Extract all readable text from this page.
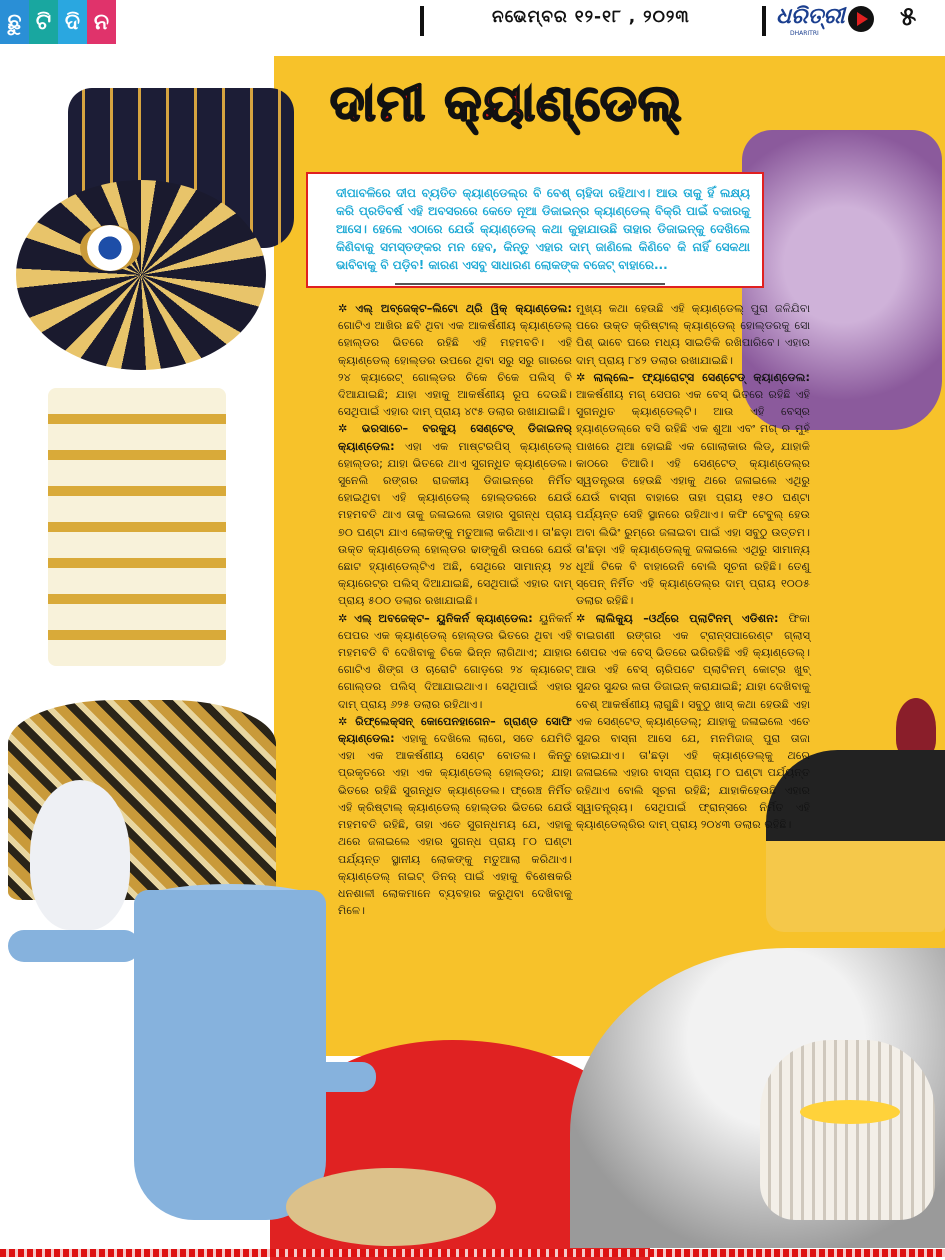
ଛୁ ଟି ଦି ନ	ନଭେମ୍ବର ୧୨-୧୮ , ୨୦୨୩	ଧରିତ୍ରୀ
DHARITRI
୫
ଦାମୀ କ୍ୟାଣ୍ଡେଲ୍

ଦୀପାବଳିରେ ଦୀପ ବ୍ୟତିତ କ୍ୟାଣ୍ଡେଲ୍‌ର ବି ବେଶ୍ ଚାହିଦା ରହିଥାଏ। ଆଉ ତାକୁ ହିଁ ଲକ୍ଷ୍ୟ କରି ପ୍ରତିବର୍ଷ ଏହି ଅବସରରେ କେତେ ନୂଆ ଡିଜାଇନ୍‌ର କ୍ୟାଣ୍ଡେଲ୍ ବିକ୍ରି ପାଇଁ ବଜାରକୁ ଆସେ। ହେଲେ ଏଠାରେ ଯେଉଁ କ୍ୟାଣ୍ଡେଲ୍ କଥା କୁହାଯାଉଛି ତାହାର ଡିଜାଇନ୍‌କୁ ଦେଖିଲେ କିଣିବାକୁ ସମସ୍ତଙ୍କର ମନ ହେବ, କିନ୍ତୁ ଏହାର ଦାମ୍ ଜାଣିଲେ କିଣିବେ କି ନାହିଁ ସେକଥା ଭାବିବାକୁ ବି ପଡ଼ିବ! କାରଣ ଏସବୁ ସାଧାରଣ ଲୋକଙ୍କ ବଜେଟ୍ ବାହାରେ...

✲ ଏଲ୍ ଅବ୍‌ଜେକ୍ଟ–ଲିଟୋ ଥ୍ରି ୱିକ୍ କ୍ୟାଣ୍ଡେଲ: ଗୋଟିଏ ଆଖିର ଛବି ଥିବା ଏକ ଆକର୍ଷଣୀୟ କ୍ୟାଣ୍ଡେଲ୍ ହୋଲ୍ଡର ଭିତରେ ରହିଛି ଏହି ମହମବତି। ଏହି କ୍ୟାଣ୍ଡେଲ୍ ହୋଲ୍ଡର ଉପରେ ଥିବା ସରୁ ସରୁ ଗାରରେ ୨୪ କ୍ୟାରେଟ୍ ଗୋଲ୍ଡର ଚିକେ ଚିକେ ପଲିସ୍ ବି ଦିଆଯାଇଛି; ଯାହା ଏହାକୁ ଆକର୍ଷଣୀୟ ରୂପ ଦେଉଛି। ସେଥିପାଇଁ ଏହାର ଦାମ୍ ପ୍ରାୟ ୪୯୫ ଡଲାର ରଖାଯାଇଛି।

✲ ଭରସାଚେ– ବରକ୍ୟୁ ସେଣ୍ଟେଡ୍ ଡିଜାଇନର୍ କ୍ୟାଣ୍ଡେଲ: ଏହା ଏକ ମାଷ୍ଟରପିସ୍ କ୍ୟାଣ୍ଡେଲ୍ ହୋଲ୍ଡର; ଯାହା ଭିତରେ ଥାଏ ସୁଗନ୍ଧିତ କ୍ୟାଣ୍ଡେଲ। ସୁନେଲି ରଙ୍ଗର ରାଜକୀୟ ଡିଜାଇନ୍‌ରେ ନିର୍ମିତ ହୋଇଥିବା ଏହି କ୍ୟାଣ୍ଡେଲ୍ ହୋଲ୍ଡରରେ ଯେଉଁ ମହମବତି ଥାଏ ତାକୁ ଜଳାଇଲେ ତାହାର ସୁଗନ୍ଧ ପ୍ରାୟ ୭୦ ଘଣ୍ଟା ଯାଏ ଲୋକଙ୍କୁ ମତୁଆଲା କରିଥାଏ। ତା'ଛଡ଼ା ଉକ୍ତ କ୍ୟାଣ୍ଡେଲ୍ ହୋଲ୍ଡର ଢାଙ୍କୁଣି ଉପରେ ଯେଉଁ ଛୋଟ ହ୍ୟାଣ୍ଡେଲ୍‌ଟିଏ ଅଛି, ସେଥିରେ ସାମାନ୍ୟ ୨୪ କ୍ୟାରେଟ୍‌ର ପଲିସ୍ ଦିଆଯାଇଛି, ସେଥିପାଇଁ ଏହାର ଦାମ୍ ପ୍ରାୟ ୫୦୦ ଡଲାର ରଖାଯାଇଛି।

✲ ଏଲ୍ ଅବଜେକ୍ଟ– ୟୁନିକର୍ନ କ୍ୟାଣ୍ଡେଲ: ୟୁନିକର୍ନ ପେପର ଏକ କ୍ୟାଣ୍ଡେଲ୍ ହୋଲ୍ଡର ଭିତରେ ଥିବା ଏହି ମହମବତି ବି ଦେଖିବାକୁ ଚିକେ ଭିନ୍ନ ଲାଗିଥାଏ; ଯାହାର ଗୋଟିଏ ଶିଙ୍ଗ ଓ ଚାରୋଟି ଗୋଡ଼ରେ ୨୪ କ୍ୟାରେଟ୍ ଗୋଲ୍ଡର ପଲିସ୍ ଦିଆଯାଇଥାଏ। ସେଥିପାଇଁ ଏହାର ଦାମ୍ ପ୍ରାୟ ୬୨୫ ଡଲାର ରହିଥାଏ।

✲ ରିଫ୍ଲେକ୍ସନ୍ କୋପେନହାଗେନ– ଗ୍ରାଣ୍ଡ ସୋଫି କ୍ୟାଣ୍ଡେଲ: ଏହାକୁ ଦେଖିଲେ ଲାଗେ, ସତେ ଯେମିତି ଏହା ଏକ ଆକର୍ଷଣୀୟ ସେଣ୍ଟ ବୋତଲ। କିନ୍ତୁ ପ୍ରକୃତରେ ଏହା ଏକ କ୍ୟାଣ୍ଡେଲ୍ ହୋଲ୍ଡର; ଯାହା ଭିତରେ ରହିଛି ସୁଗନ୍ଧିତ କ୍ୟାଣ୍ଡେଲ। ଫ୍ରେଞ୍ଚ ନିର୍ମିତ ଏହି କ୍ରିଷ୍ଟାଲ୍ କ୍ୟାଣ୍ଡେଲ୍ ହୋଲ୍ଡର ଭିତରେ ଯେଉଁ ମହମବତି ରହିଛି, ତାହା ଏତେ ସୁଗନ୍ଧମୟ ଯେ, ଏହାକୁ ଥରେ ଜଳାଇଲେ ଏହାର ସୁଗନ୍ଧ ପ୍ରାୟ ୮୦ ଘଣ୍ଟା ପର୍ଯ୍ୟନ୍ତ ସ୍ଥାନୀୟ ଲୋକଙ୍କୁ ମତୁଆଲା କରିଥାଏ। କ୍ୟାଣ୍ଡେଲ୍ ନାଇଟ୍ ଡିନର୍ ପାଇଁ ଏହାକୁ ବିଶେଷକରି ଧନଶାଳୀ ଲୋକମାନେ ବ୍ୟବହାର କରୁଥିବା ଦେଖିବାକୁ ମିଳେ।

ମୁଖ୍ୟ କଥା ହେଉଛି ଏହି କ୍ୟାଣ୍ଡେଲ୍ ପୁରା ଜଳିଯିବା ପରେ ଉକ୍ତ କ୍ରିଷ୍ଟାଲ୍ କ୍ୟାଣ୍ଡେଲ୍ ହୋଲ୍ଡରକୁ ସୋ ପିଶ୍ ଭାବେ ଘରେ ମଧ୍ୟ ସାଇତିକି ରଖିପାରିବେ। ଏହାର ଦାମ୍ ପ୍ରାୟ ୮୪୨ ଡଲାର ରଖାଯାଇଛି।

✲ ଲାଲ୍ଲେ– ଫ୍ୟାରୋଟ୍ସ ସେଣ୍ଟେଡ୍ କ୍ୟାଣ୍ଡେଲ: ଆକର୍ଷଣୀୟ ମଗ୍ ସେପର ଏକ ବେସ୍ ଭିତରେ ରହିଛି ଏହି ସୁଗନ୍ଧିତ କ୍ୟାଣ୍ଡେଲ୍‌ଟି। ଆଉ ଏହି ବେସ୍‌ର ହ୍ୟାଣ୍ଡେଲ୍‌ରେ ବସି ରହିଛି ଏକ ଶୁଆ ଏବଂ ମଗ୍ ର ମୁହଁ ପାଖରେ ଥିଆ ହୋଇଛି ଏକ ଗୋଲାକାର ଲିଡ୍, ଯାହାକି କାଠରେ ତିଆରି। ଏହି ସେଣ୍ଟେଡ୍ କ୍ୟାଣ୍ଡେଲ୍‌ର ସ୍ୱତନ୍ତ୍ରତା ହେଉଛି ଏହାକୁ ଥରେ ଜଳାଇଲେ ଏଥିରୁ ଯେଉଁ ବାସ୍ନା ବାହାରେ ତାହା ପ୍ରାୟ ୧୫୦ ଘଣ୍ଟା ପର୍ଯ୍ୟନ୍ତ ସେହି ସ୍ଥାନରେ ରହିଥାଏ। କଫି ଟେବୁଲ୍ ହେଉ ଅବା ଲିଭିଂ ରୁମ୍‌ରେ ଜଳାଇବା ପାଇଁ ଏହା ସବୁଠୁ ଉତ୍ତମ। ତା'ଛଡ଼ା ଏହି କ୍ୟାଣ୍ଡେଲ୍‌କୁ ଜଳାଇଲେ ଏଥିରୁ ସାମାନ୍ୟ ଧୂଆଁ ଟିକେ ବି ବାହାରେନି ବୋଲି ସୂଚନା ରହିଛି। ତେଣୁ ସ୍ପେନ୍ ନିର୍ମିତ ଏହି କ୍ୟାଣ୍ଡେଲ୍‌ର ଦାମ୍ ପ୍ରାୟ ୧୦୦୫ ଡଲାର ରହିଛି।

✲ ଲାଲିକ୍ୟୁ –ଓର୍ଥ୍ରେ ପ୍ଲାଟିନମ୍ ଏଡିଶନ: ଫିକା ବାଇଗଣୀ ରଙ୍ଗର ଏକ ଟ୍ରାନ୍ସପାରେଣ୍ଟ ଗ୍ଲାସ୍ ଶେପର ଏକ ବେସ୍ ଭିତରେ ଭରିରହିଛି ଏହି କ୍ୟାଣ୍ଡେଲ୍। ଆଉ ଏହି ବେସ୍ ଚାରିପଟେ ପ୍ଲାଟିନମ୍ କୋଟ୍‌ର ଖୁବ୍ ସୁନ୍ଦର ସୁନ୍ଦର ଲତା ଡିଜାଇନ୍ କରାଯାଇଛି; ଯାହା ଦେଖିବାକୁ ବେଶ୍ ଆକର୍ଷଣୀୟ ଲାଗୁଛି। ସବୁଠୁ ଖାସ୍ କଥା ହେଉଛି ଏହା ଏକ ସେଣ୍ଟେଡ୍ କ୍ୟାଣ୍ଡେଲ୍; ଯାହାକୁ ଜଳାଇଲେ ଏତେ ସୁନ୍ଦର ବାସ୍ନା ଆସେ ଯେ, ମନମିଜାଜ୍ ପୁରା ତାଜା ହୋଇଯାଏ। ତା'ଛଡ଼ା ଏହି କ୍ୟାଣ୍ଡେଲ୍‌କୁ ଥରେ ଜଳାଇଲେ ଏହାର ବାସ୍ନା ପ୍ରାୟ ୮୦ ଘଣ୍ଟା ପର୍ଯ୍ୟନ୍ତ ରହିଥାଏ ବୋଲି ସୂଚନା ରହିଛି; ଯାହାକିହେଉଛି ଏହାର ସ୍ୱାତନ୍ତ୍ର୍ୟ। ସେଥିପାଇଁ ଫ୍ରାନ୍ସରେ ନିର୍ମିତ ଏହି କ୍ୟାଣ୍ଡେଲ୍‌ରିର ଦାମ୍ ପ୍ରାୟ ୨୦୪୩ ଡଲାର ରହିଛି।
